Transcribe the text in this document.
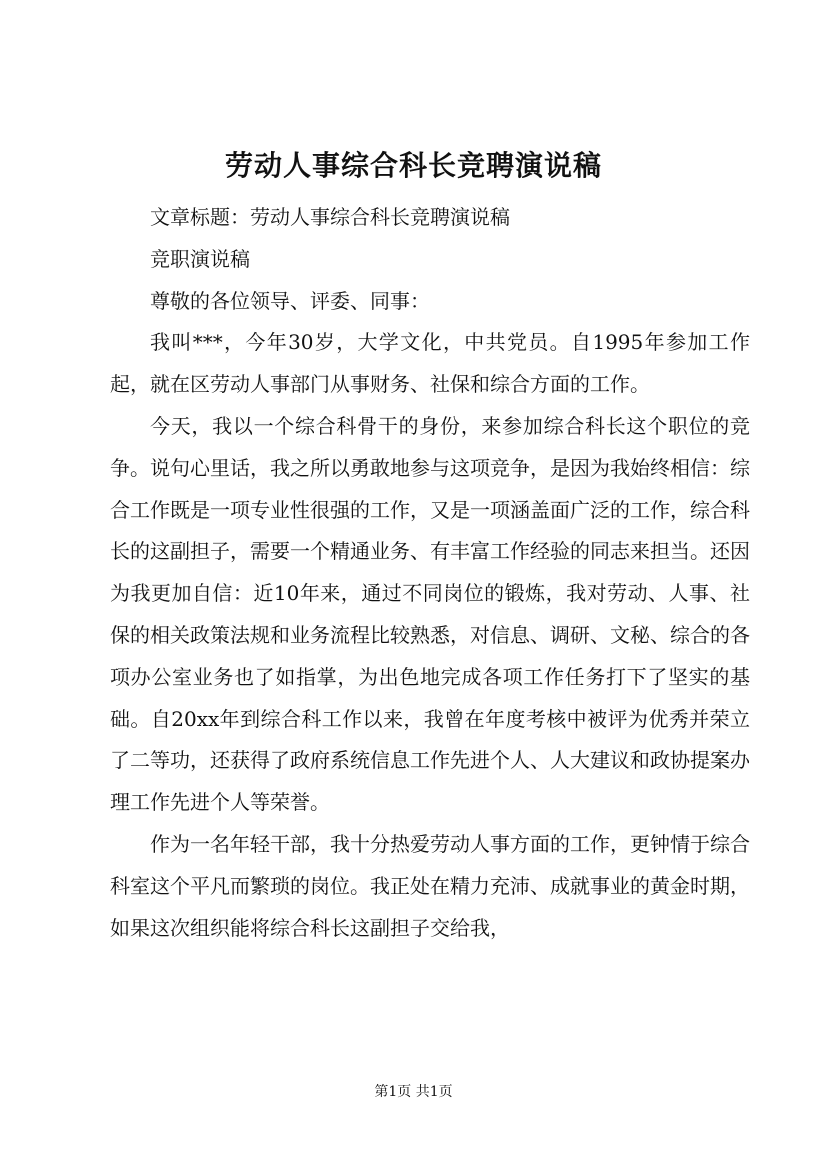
劳动人事综合科长竞聘演说稿

文章标题：劳动人事综合科长竞聘演说稿

竞职演说稿

尊敬的各位领导、评委、同事：

我叫***，今年30岁，大学文化，中共党员。自1995年参加工作起，就在区劳动人事部门从事财务、社保和综合方面的工作。

今天，我以一个综合科骨干的身份，来参加综合科长这个职位的竞争。说句心里话，我之所以勇敢地参与这项竞争，是因为我始终相信：综合工作既是一项专业性很强的工作，又是一项涵盖面广泛的工作，综合科长的这副担子，需要一个精通业务、有丰富工作经验的同志来担当。还因为我更加自信：近10年来，通过不同岗位的锻炼，我对劳动、人事、社保的相关政策法规和业务流程比较熟悉，对信息、调研、文秘、综合的各项办公室业务也了如指掌，为出色地完成各项工作任务打下了坚实的基础。自20xx年到综合科工作以来，我曾在年度考核中被评为优秀并荣立了二等功，还获得了政府系统信息工作先进个人、人大建议和政协提案办理工作先进个人等荣誉。

作为一名年轻干部，我十分热爱劳动人事方面的工作，更钟情于综合科室这个平凡而繁琐的岗位。我正处在精力充沛、成就事业的黄金时期，如果这次组织能将综合科长这副担子交给我，

第1页 共1页
